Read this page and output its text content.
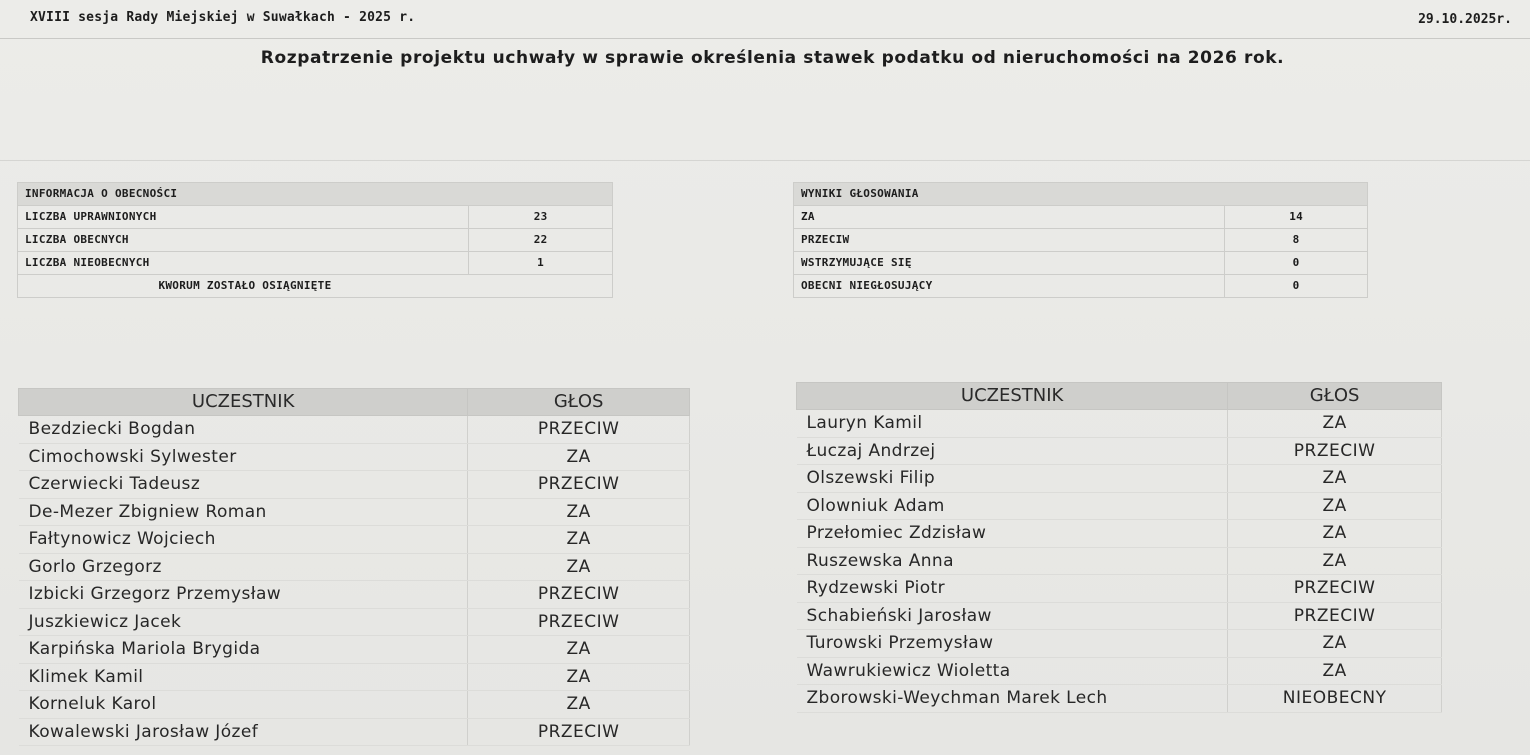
XVIII sesja Rady Miejskiej w Suwałkach - 2025 r.	29.10.2025r.
Rozpatrzenie projektu uchwały w sprawie określenia stawek podatku od nieruchomości na 2026 rok.
INFORMACJA O OBECNOŚCI	
LICZBA UPRAWNIONYCH	23
LICZBA OBECNYCH	22
LICZBA NIEOBECNYCH	1
KWORUM ZOSTAŁO OSIĄGNIĘTE	
WYNIKI GŁOSOWANIA	
ZA	14
PRZECIW	8
WSTRZYMUJĄCE SIĘ	0
OBECNI NIEGŁOSUJĄCY	0
UCZESTNIK	GŁOS
Bezdziecki Bogdan	PRZECIW
Cimochowski Sylwester	ZA
Czerwiecki Tadeusz	PRZECIW
De-Mezer Zbigniew Roman	ZA
Fałtynowicz Wojciech	ZA
Gorlo Grzegorz	ZA
Izbicki Grzegorz Przemysław	PRZECIW
Juszkiewicz Jacek	PRZECIW
Karpińska Mariola Brygida	ZA
Klimek Kamil	ZA
Korneluk Karol	ZA
Kowalewski Jarosław Józef	PRZECIW
UCZESTNIK	GŁOS
Lauryn Kamil	ZA
Łuczaj Andrzej	PRZECIW
Olszewski Filip	ZA
Olowniuk Adam	ZA
Przełomiec Zdzisław	ZA
Ruszewska Anna	ZA
Rydzewski Piotr	PRZECIW
Schabieński Jarosław	PRZECIW
Turowski Przemysław	ZA
Wawrukiewicz Wioletta	ZA
Zborowski-Weychman Marek Lech	NIEOBECNY
